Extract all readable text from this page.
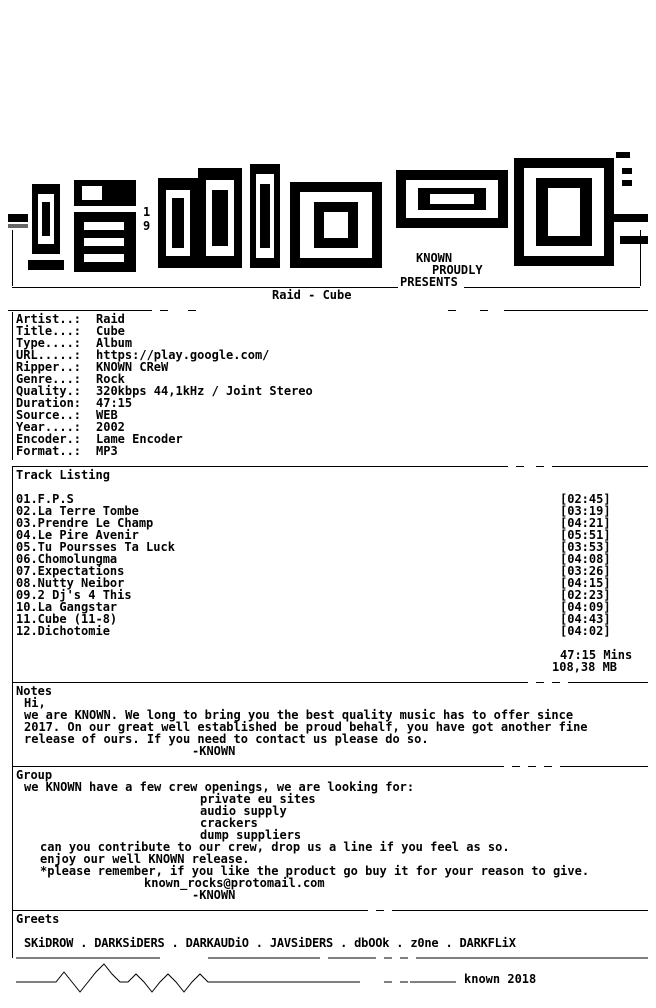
19
KNOWN
PROUDLY
PRESENTS
Raid - Cube
Artist..: Raid
Title...: Cube
Type....: Album
URL.....: https://play.google.com/
Ripper..: KNOWN CReW
Genre...: Rock
Quality.: 320kbps 44,1kHz / Joint Stereo
Duration: 47:15
Source..: WEB
Year....: 2002
Encoder.: Lame Encoder
Format..: MP3
Track Listing
01.F.P.S	[02:45]
02.La Terre Tombe	[03:19]
03.Prendre Le Champ	[04:21]
04.Le Pire Avenir	[05:51]
05.Tu Poursses Ta Luck	[03:53]
06.Chomolungma	[04:08]
07.Expectations	[03:26]
08.Nutty Neibor	[04:15]
09.2 Dj's 4 This	[02:23]
10.La Gangstar	[04:09]
11.Cube (11-8)	[04:43]
12.Dichotomie	[04:02]
47:15 Mins
108,38 MB
Notes
Hi,
we are KNOWN. We long to bring you the best quality music has to offer since
2017. On our great well established be proud behalf, you have got another fine
release of ours. If you need to contact us please do so.
-KNOWN
Group
we KNOWN have a few crew openings, we are looking for:
private eu sites
audio supply
crackers
dump suppliers
can you contribute to our crew, drop us a line if you feel as so.
enjoy our well KNOWN release.
*please remember, if you like the product go buy it for your reason to give.
known_rocks@protomail.com
-KNOWN
Greets
SKiDROW . DARKSiDERS . DARKAUDiO . JAVSiDERS . dbOOk . z0ne . DARKFLiX
known 2018
